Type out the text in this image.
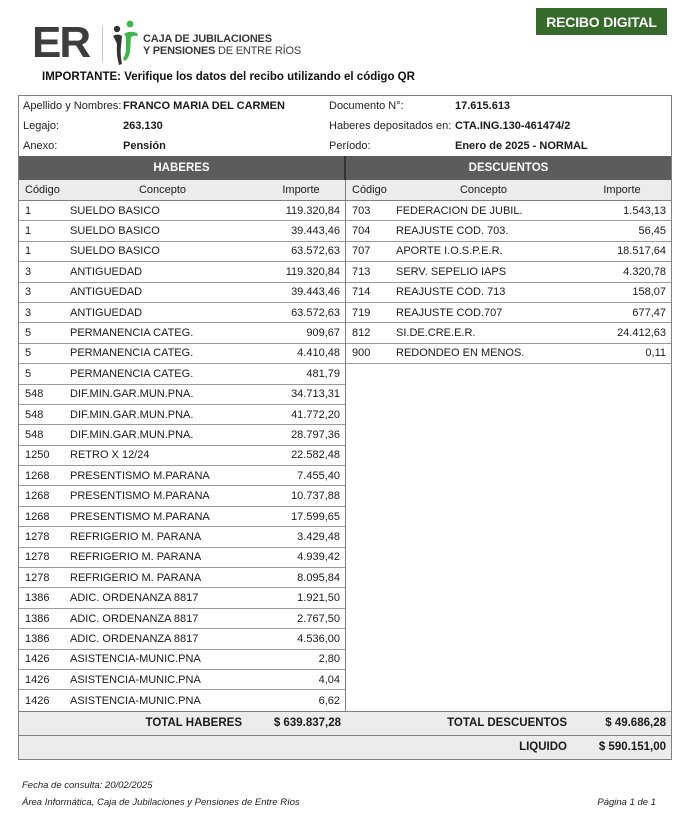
ER	CAJA DE JUBILACIONES
Y PENSIONES DE ENTRE RÍOS
RECIBO DIGITAL
IMPORTANTE: Verifique los datos del recibo utilizando el código QR
Apellido y Nombres: FRANCO MARIA DEL CARMEN	Documento N°:	17.615.613
Legajo:	263.130	Haberes depositados en: CTA.ING.130-461474/2
Anexo:	Pensión	Período:	Enero de 2025 - NORMAL
HABERES	DESCUENTOS
Código	Concepto	Importe
1	SUELDO BASICO	119.320,84
1	SUELDO BASICO	39.443,46
1	SUELDO BASICO	63.572,63
3	ANTIGUEDAD	119.320,84
3	ANTIGUEDAD	39.443,46
3	ANTIGUEDAD	63.572,63
5	PERMANENCIA CATEG.	909,67
5	PERMANENCIA CATEG.	4.410,48
5	PERMANENCIA CATEG.	481,79
548	DIF.MIN.GAR.MUN.PNA.	34.713,31
548	DIF.MIN.GAR.MUN.PNA.	41.772,20
548	DIF.MIN.GAR.MUN.PNA.	28.797,36
1250	RETRO X 12/24	22.582,48
1268	PRESENTISMO M.PARANA	7.455,40
1268	PRESENTISMO M.PARANA	10.737,88
1268	PRESENTISMO M.PARANA	17.599,65
1278	REFRIGERIO M. PARANA	3.429,48
1278	REFRIGERIO M. PARANA	4.939,42
1278	REFRIGERIO M. PARANA	8.095,84
1386	ADIC. ORDENANZA 8817	1.921,50
1386	ADIC. ORDENANZA 8817	2.767,50
1386	ADIC. ORDENANZA 8817	4.536,00
1426	ASISTENCIA-MUNIC.PNA	2,80
1426	ASISTENCIA-MUNIC.PNA	4,04
1426	ASISTENCIA-MUNIC.PNA	6,62
Código	Concepto	Importe
703	FEDERACION DE JUBIL.	1.543,13
704	REAJUSTE COD. 703.	56,45
707	APORTE I.O.S.P.E.R.	18.517,64
713	SERV. SEPELIO IAPS	4.320,78
714	REAJUSTE COD. 713	158,07
719	REAJUSTE COD.707	677,47
812	SI.DE.CRE.E.R.	24.412,63
900	REDONDEO EN MENOS.	0,11
TOTAL HABERES	$ 639.837,28	TOTAL DESCUENTOS	$ 49.686,28
LIQUIDO	$ 590.151,00
Fecha de consulta: 20/02/2025
Área Informática, Caja de Jubilaciones y Pensiones de Entre Ríos	Página 1 de 1
